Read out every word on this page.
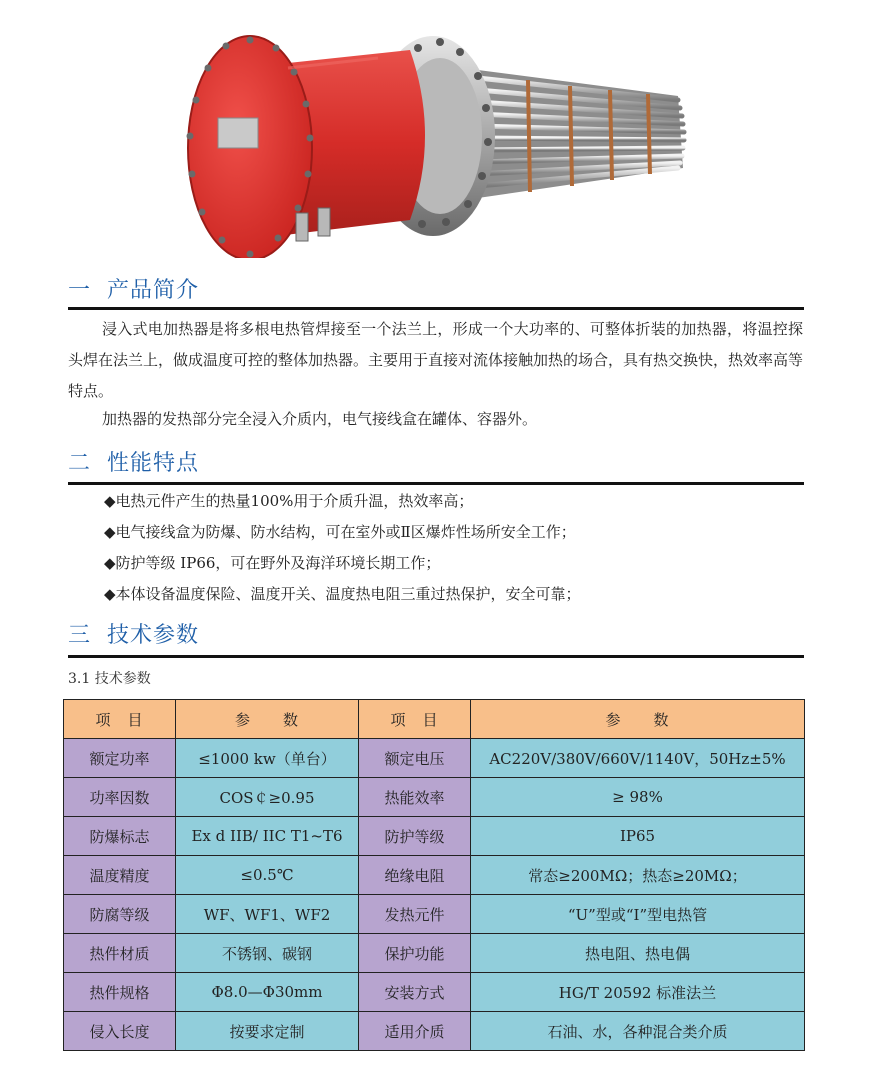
一 产品简介
浸入式电加热器是将多根电热管焊接至一个法兰上，形成一个大功率的、可整体折装的加热器，将温控探头焊在法兰上，做成温度可控的整体加热器。主要用于直接对流体接触加热的场合，具有热交换快，热效率高等特点。
加热器的发热部分完全浸入介质内，电气接线盒在罐体、容器外。
二 性能特点
◆电热元件产生的热量100%用于介质升温，热效率高；
◆电气接线盒为防爆、防水结构，可在室外或Ⅱ区爆炸性场所安全工作；
◆防护等级 IP66，可在野外及海洋环境长期工作；
◆本体设备温度保险、温度开关、温度热电阻三重过热保护，安全可靠；
三 技术参数
3.1 技术参数
项　目	参　　数	项　目	参　　数
额定功率	≤1000 kw（单台）	额定电压	AC220V/380V/660V/1140V，50Hz±5%
功率因数	COS￠≥0.95	热能效率	≥ 98%
防爆标志	Ex d IIB/ IIC T1~T6	防护等级	IP65
温度精度	≤0.5℃	绝缘电阻	常态≥200MΩ；热态≥20MΩ；
防腐等级	WF、WF1、WF2	发热元件	“U”型或“Ⅰ”型电热管
热件材质	不锈钢、碳钢	保护功能	热电阻、热电偶
热件规格	Φ8.0—Φ30mm	安装方式	HG/T 20592 标准法兰
侵入长度	按要求定制	适用介质	石油、水，各种混合类介质
